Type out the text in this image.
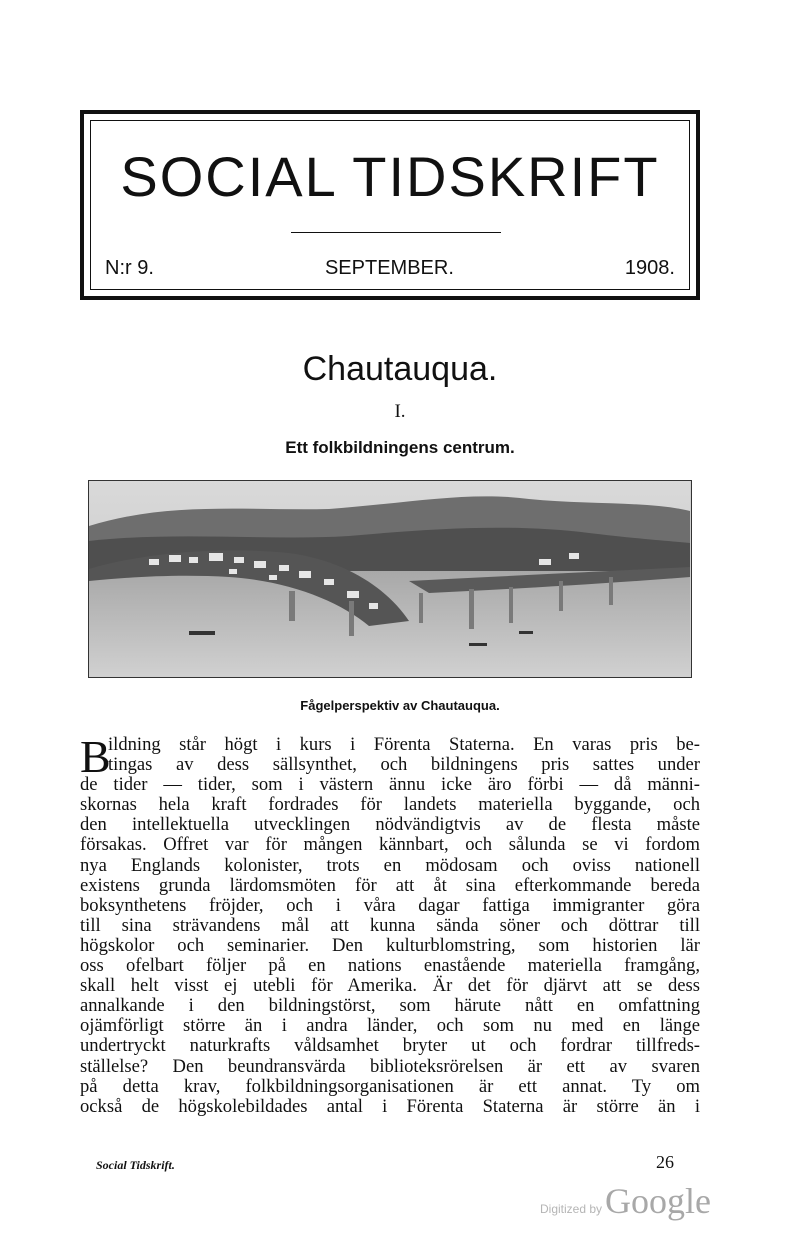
SOCIAL TIDSKRIFT
N:r 9.	SEPTEMBER.	1908.
Chautauqua.
I.
Ett folkbildningens centrum.
Fågelperspektiv av Chautauqua.
B
ildning står högt i kurs i Förenta Staterna. En varas pris be-
tingas av dess sällsynthet, och bildningens pris sattes under
de tider — tider, som i västern ännu icke äro förbi — då männi-
skornas hela kraft fordrades för landets materiella byggande, och
den intellektuella utvecklingen nödvändigtvis av de flesta måste
försakas. Offret var för mången kännbart, och sålunda se vi fordom
nya Englands kolonister, trots en mödosam och oviss nationell
existens grunda lärdomsmöten för att åt sina efterkommande bereda
boksynthetens fröjder, och i våra dagar fattiga immigranter göra
till sina strävandens mål att kunna sända söner och döttrar till
högskolor och seminarier. Den kulturblomstring, som historien lär
oss ofelbart följer på en nations enastående materiella framgång,
skall helt visst ej utebli för Amerika. Är det för djärvt att se dess
annalkande i den bildningstörst, som härute nått en omfattning
ojämförligt större än i andra länder, och som nu med en länge
undertryckt naturkrafts våldsamhet bryter ut och fordrar tillfreds-
ställelse? Den beundransvärda biblioteksrörelsen är ett av svaren
på detta krav, folkbildningsorganisationen är ett annat. Ty om
också de högskolebildades antal i Förenta Staterna är större än i
Social Tidskrift.	26
Digitized by Google
